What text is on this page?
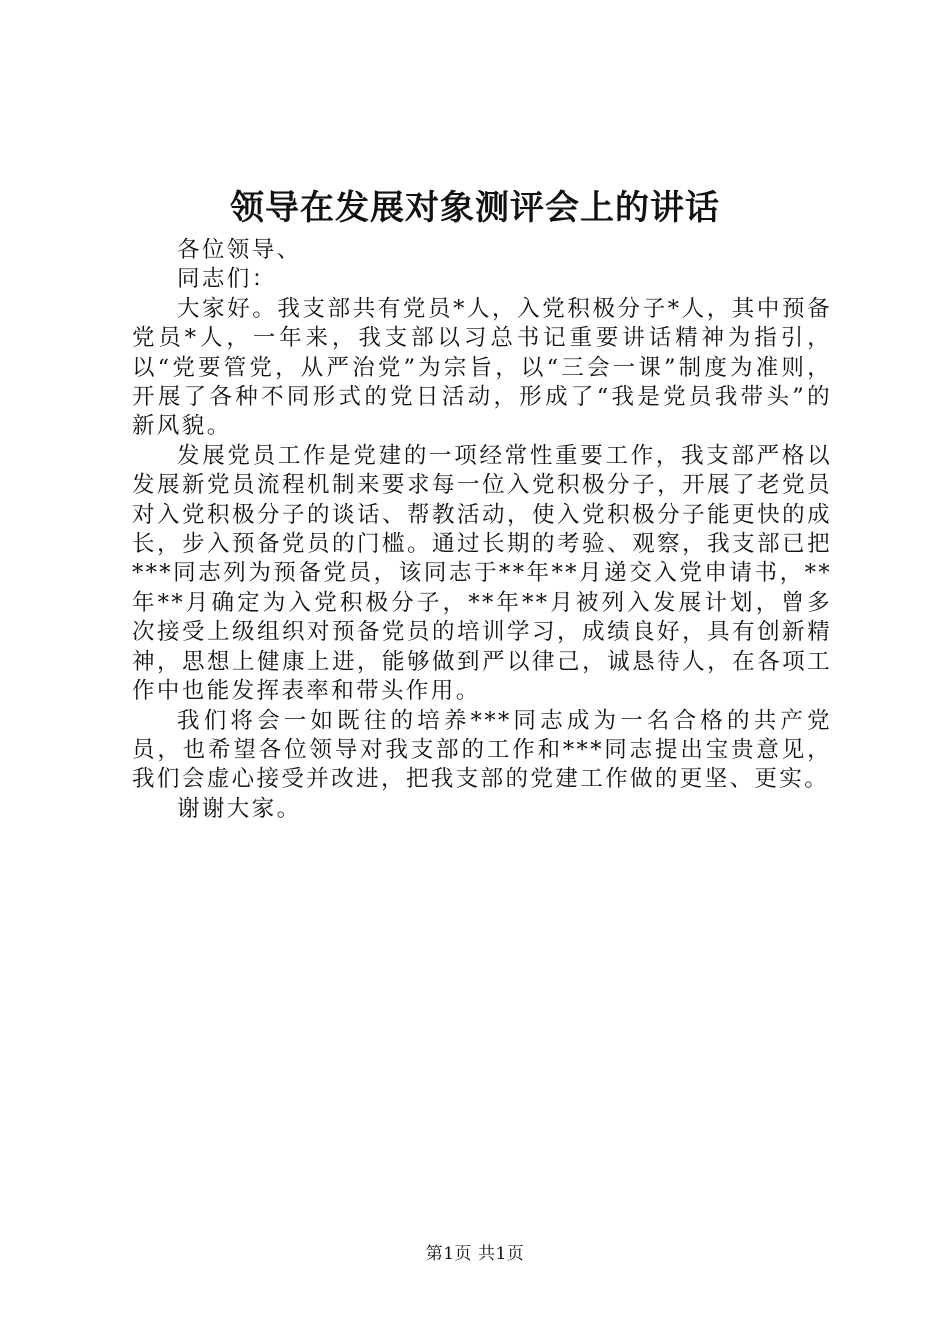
领导在发展对象测评会上的讲话

各位领导、

同志们：

大家好。我支部共有党员*人，入党积极分子*人，其中预备党员*人，一年来，我支部以习总书记重要讲话精神为指引，以“党要管党，从严治党”为宗旨，以“三会一课”制度为准则，开展了各种不同形式的党日活动，形成了“我是党员我带头”的新风貌。

发展党员工作是党建的一项经常性重要工作，我支部严格以发展新党员流程机制来要求每一位入党积极分子，开展了老党员对入党积极分子的谈话、帮教活动，使入党积极分子能更快的成长，步入预备党员的门槛。通过长期的考验、观察，我支部已把***同志列为预备党员，该同志于**年**月递交入党申请书，**年**月确定为入党积极分子，**年**月被列入发展计划，曾多次接受上级组织对预备党员的培训学习，成绩良好，具有创新精神，思想上健康上进，能够做到严以律己，诚恳待人，在各项工作中也能发挥表率和带头作用。

我们将会一如既往的培养***同志成为一名合格的共产党员，也希望各位领导对我支部的工作和***同志提出宝贵意见，我们会虚心接受并改进，把我支部的党建工作做的更坚、更实。

谢谢大家。

第1页 共1页
